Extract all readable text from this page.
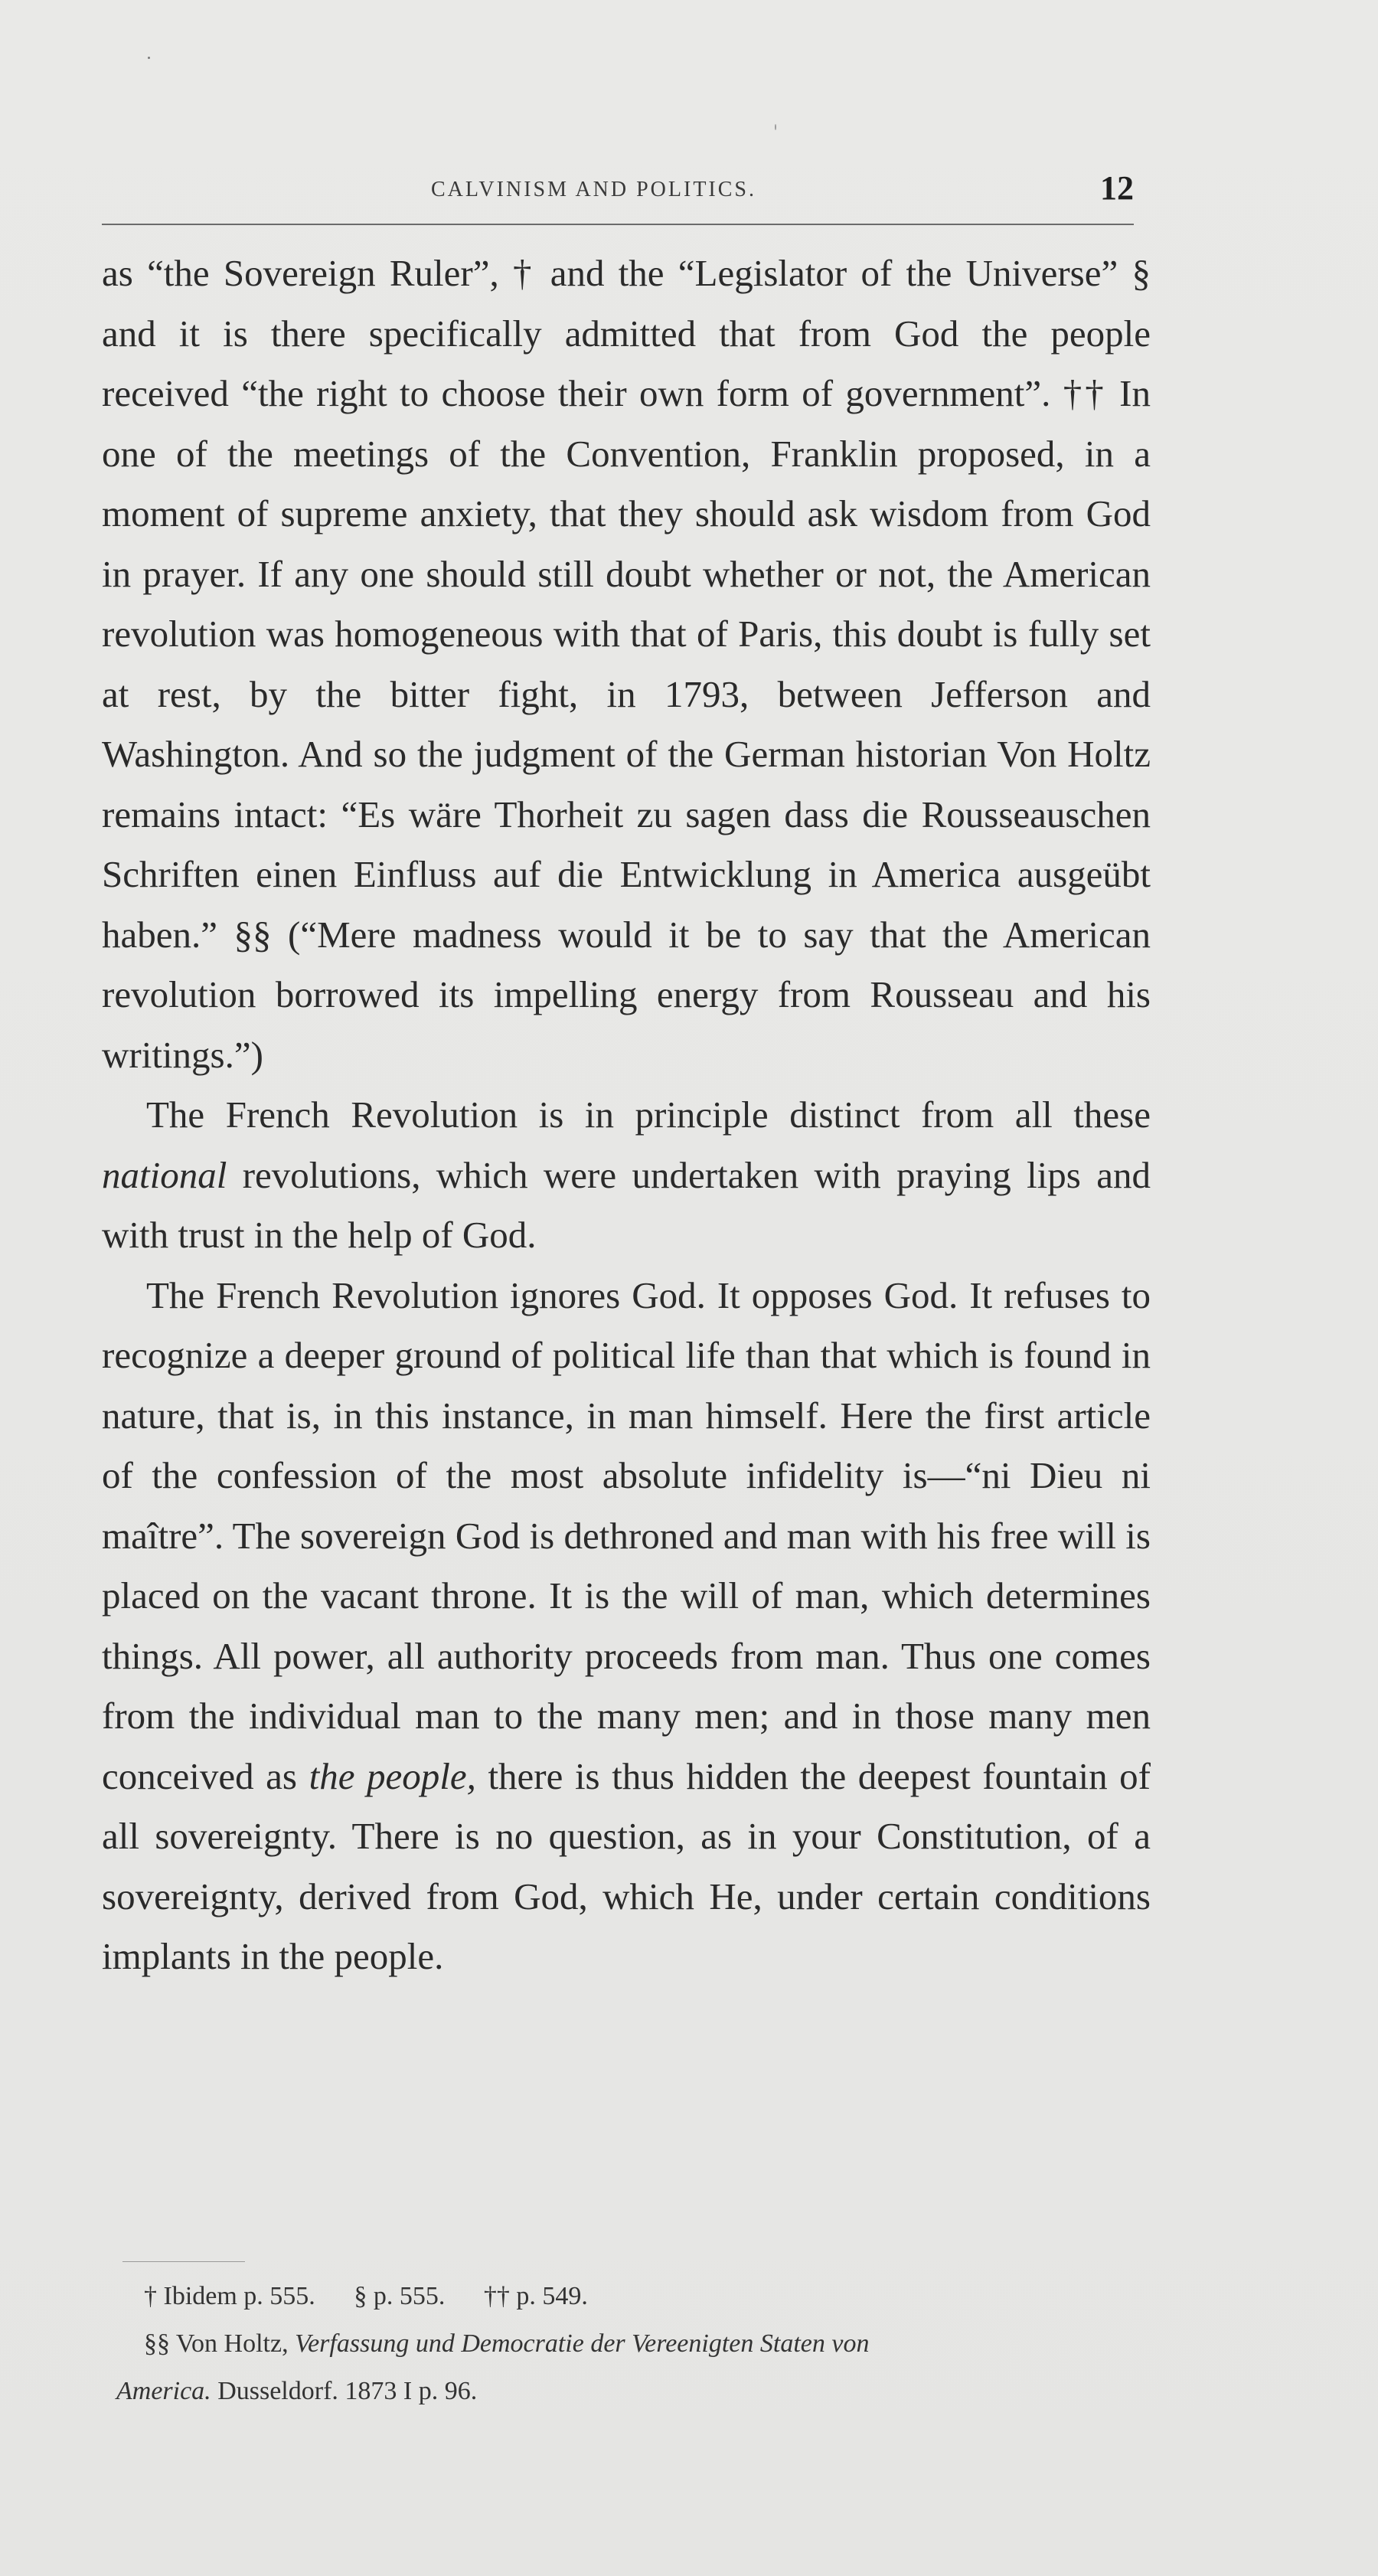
CALVINISM AND POLITICS.	12

as “the Sovereign Ruler”, † and the “Legislator of the Universe” § and it is there specifically admitted that from God the people received “the right to choose their own form of government”. †† In one of the meetings of the Convention, Franklin proposed, in a moment of supreme anxiety, that they should ask wisdom from God in prayer. If any one should still doubt whether or not, the American revolution was homogeneous with that of Paris, this doubt is fully set at rest, by the bitter fight, in 1793, between Jefferson and Washington. And so the judgment of the German historian Von Holtz remains intact: “Es wäre Thorheit zu sagen dass die Rousseauschen Schriften einen Einfluss auf die Entwicklung in America ausgeübt haben.” §§ (“Mere madness would it be to say that the American revolution borrowed its impelling energy from Rousseau and his writings.”)

The French Revolution is in principle distinct from all these national revolutions, which were undertaken with praying lips and with trust in the help of God.

The French Revolution ignores God. It opposes God. It refuses to recognize a deeper ground of political life than that which is found in nature, that is, in this instance, in man himself. Here the first article of the confession of the most absolute infidelity is—“ni Dieu ni maître”. The sovereign God is dethroned and man with his free will is placed on the vacant throne. It is the will of man, which determines things. All power, all authority proceeds from man. Thus one comes from the individual man to the many men; and in those many men conceived as the people, there is thus hidden the deepest fountain of all sovereignty. There is no question, as in your Constitution, of a sovereignty, derived from God, which He, under certain conditions implants in the people.

† Ibidem p. 555. § p. 555. †† p. 549.

§§ Von Holtz, Verfassung und Democratie der Vereenigten Staten von

America. Dusseldorf. 1873 I p. 96.
